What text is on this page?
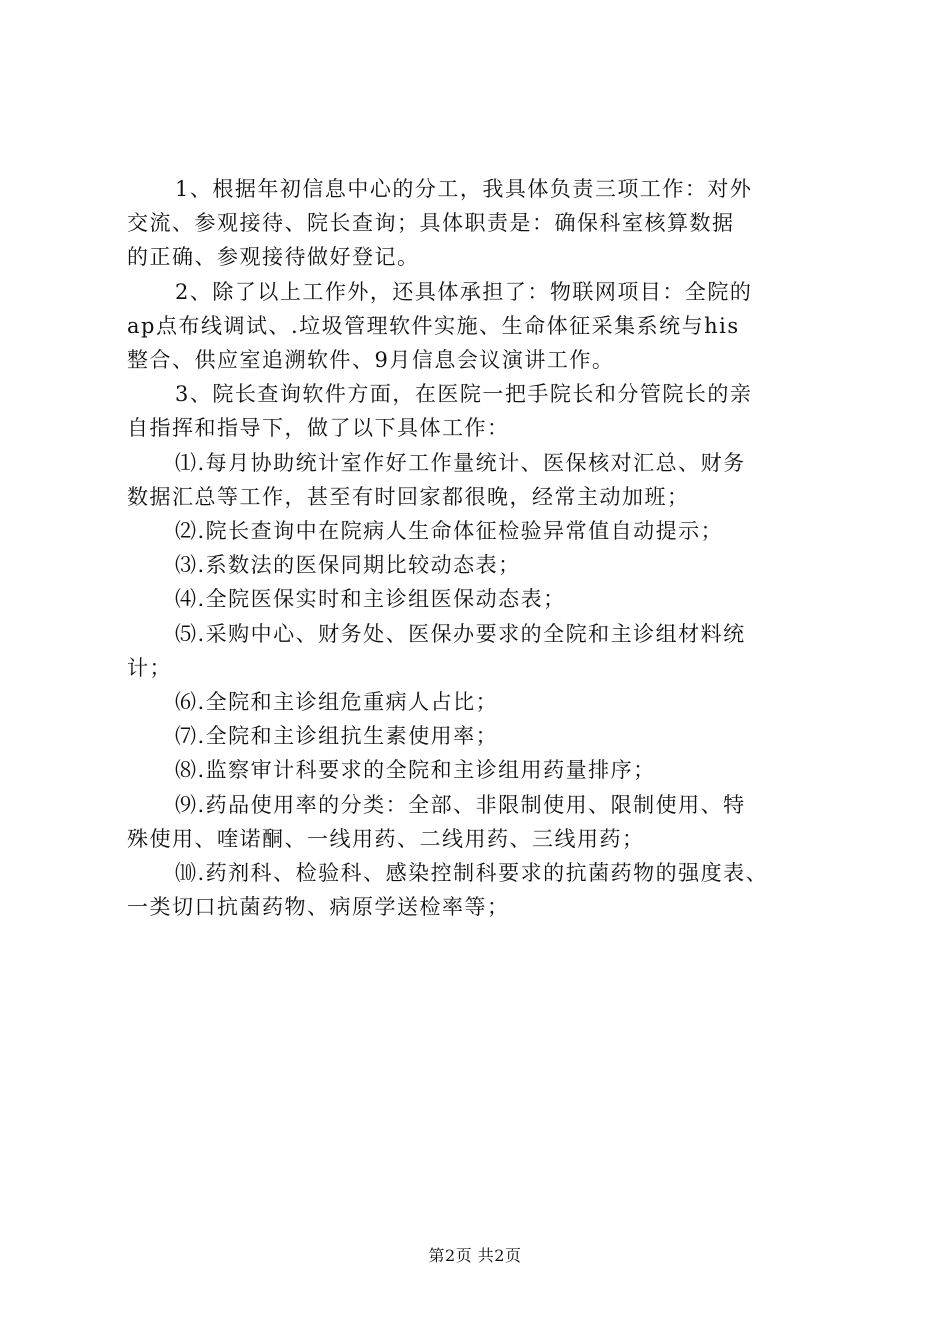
1、根据年初信息中心的分工，我具体负责三项工作：对外
交流、参观接待、院长查询；具体职责是：确保科室核算数据
的正确、参观接待做好登记。

2、除了以上工作外，还具体承担了：物联网项目：全院的
ap点布线调试、.垃圾管理软件实施、生命体征采集系统与his
整合、供应室追溯软件、9月信息会议演讲工作。

3、院长查询软件方面，在医院一把手院长和分管院长的亲
自指挥和指导下，做了以下具体工作：

⑴.每月协助统计室作好工作量统计、医保核对汇总、财务
数据汇总等工作，甚至有时回家都很晚，经常主动加班；

⑵.院长查询中在院病人生命体征检验异常值自动提示；

⑶.系数法的医保同期比较动态表；

⑷.全院医保实时和主诊组医保动态表；

⑸.采购中心、财务处、医保办要求的全院和主诊组材料统
计；

⑹.全院和主诊组危重病人占比；

⑺.全院和主诊组抗生素使用率；

⑻.监察审计科要求的全院和主诊组用药量排序；

⑼.药品使用率的分类：全部、非限制使用、限制使用、特
殊使用、喹诺酮、一线用药、二线用药、三线用药；

⑽.药剂科、检验科、感染控制科要求的抗菌药物的强度表、
一类切口抗菌药物、病原学送检率等；

第2页 共2页
